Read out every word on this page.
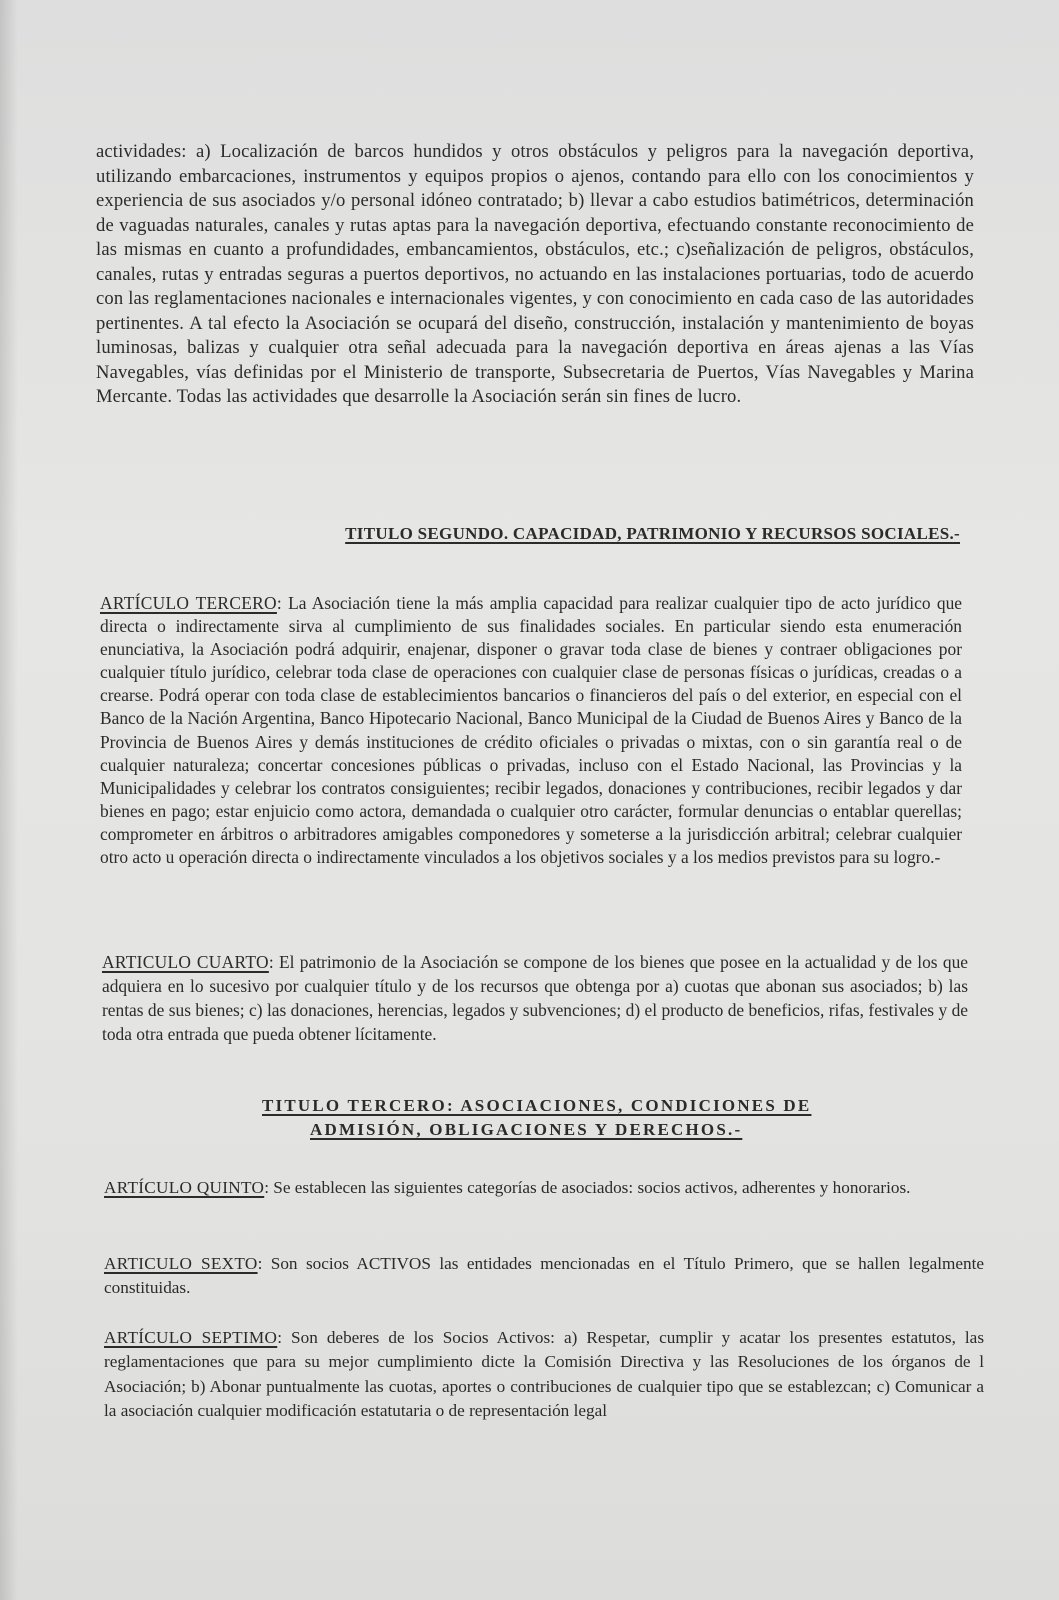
actividades: a) Localización de barcos hundidos y otros obstáculos y peligros para la navegación deportiva, utilizando embarcaciones, instrumentos y equipos propios o ajenos, contando para ello con los conocimientos y experiencia de sus asociados y/o personal idóneo contratado; b) llevar a cabo estudios batimétricos, determinación de vaguadas naturales, canales y rutas aptas para la navegación deportiva, efectuando constante reconocimiento de las mismas en cuanto a profundidades, embancamientos, obstáculos, etc.; c)señalización de peligros, obstáculos, canales, rutas y entradas seguras a puertos deportivos, no actuando en las instalaciones portuarias, todo de acuerdo con las reglamentaciones nacionales e internacionales vigentes, y con conocimiento en cada caso de las autoridades pertinentes. A tal efecto la Asociación se ocupará del diseño, construcción, instalación y mantenimiento de boyas luminosas, balizas y cualquier otra señal adecuada para la navegación deportiva en áreas ajenas a las Vías Navegables, vías definidas por el Ministerio de transporte, Subsecretaria de Puertos, Vías Navegables y Marina Mercante. Todas las actividades que desarrolle la Asociación serán sin fines de lucro.

TITULO SEGUNDO. CAPACIDAD, PATRIMONIO Y RECURSOS SOCIALES.-

ARTÍCULO TERCERO: La Asociación tiene la más amplia capacidad para realizar cualquier tipo de acto jurídico que directa o indirectamente sirva al cumplimiento de sus finalidades sociales. En particular siendo esta enumeración enunciativa, la Asociación podrá adquirir, enajenar, disponer o gravar toda clase de bienes y contraer obligaciones por cualquier título jurídico, celebrar toda clase de operaciones con cualquier clase de personas físicas o jurídicas, creadas o a crearse. Podrá operar con toda clase de establecimientos bancarios o financieros del país o del exterior, en especial con el Banco de la Nación Argentina, Banco Hipotecario Nacional, Banco Municipal de la Ciudad de Buenos Aires y Banco de la Provincia de Buenos Aires y demás instituciones de crédito oficiales o privadas o mixtas, con o sin garantía real o de cualquier naturaleza; concertar concesiones públicas o privadas, incluso con el Estado Nacional, las Provincias y la Municipalidades y celebrar los contratos consiguientes; recibir legados, donaciones y contribuciones, recibir legados y dar bienes en pago; estar enjuicio como actora, demandada o cualquier otro carácter, formular denuncias o entablar querellas; comprometer en árbitros o arbitradores amigables componedores y someterse a la jurisdicción arbitral; celebrar cualquier otro acto u operación directa o indirectamente vinculados a los objetivos sociales y a los medios previstos para su logro.-

ARTICULO CUARTO: El patrimonio de la Asociación se compone de los bienes que posee en la actualidad y de los que adquiera en lo sucesivo por cualquier título y de los recursos que obtenga por a) cuotas que abonan sus asociados; b) las rentas de sus bienes; c) las donaciones, herencias, legados y subvenciones; d) el producto de beneficios, rifas, festivales y de toda otra entrada que pueda obtener lícitamente.

TITULO TERCERO: ASOCIACIONES, CONDICIONES DE
ADMISIÓN, OBLIGACIONES Y DERECHOS.-

ARTÍCULO QUINTO: Se establecen las siguientes categorías de asociados: socios activos, adherentes y honorarios.

ARTICULO SEXTO: Son socios ACTIVOS las entidades mencionadas en el Título Primero, que se hallen legalmente constituidas.

ARTÍCULO SEPTIMO: Son deberes de los Socios Activos: a) Respetar, cumplir y acatar los presentes estatutos, las reglamentaciones que para su mejor cumplimiento dicte la Comisión Directiva y las Resoluciones de los órganos de l Asociación; b) Abonar puntualmente las cuotas, aportes o contribuciones de cualquier tipo que se establezcan; c) Comunicar a la asociación cualquier modificación estatutaria o de representación legal
